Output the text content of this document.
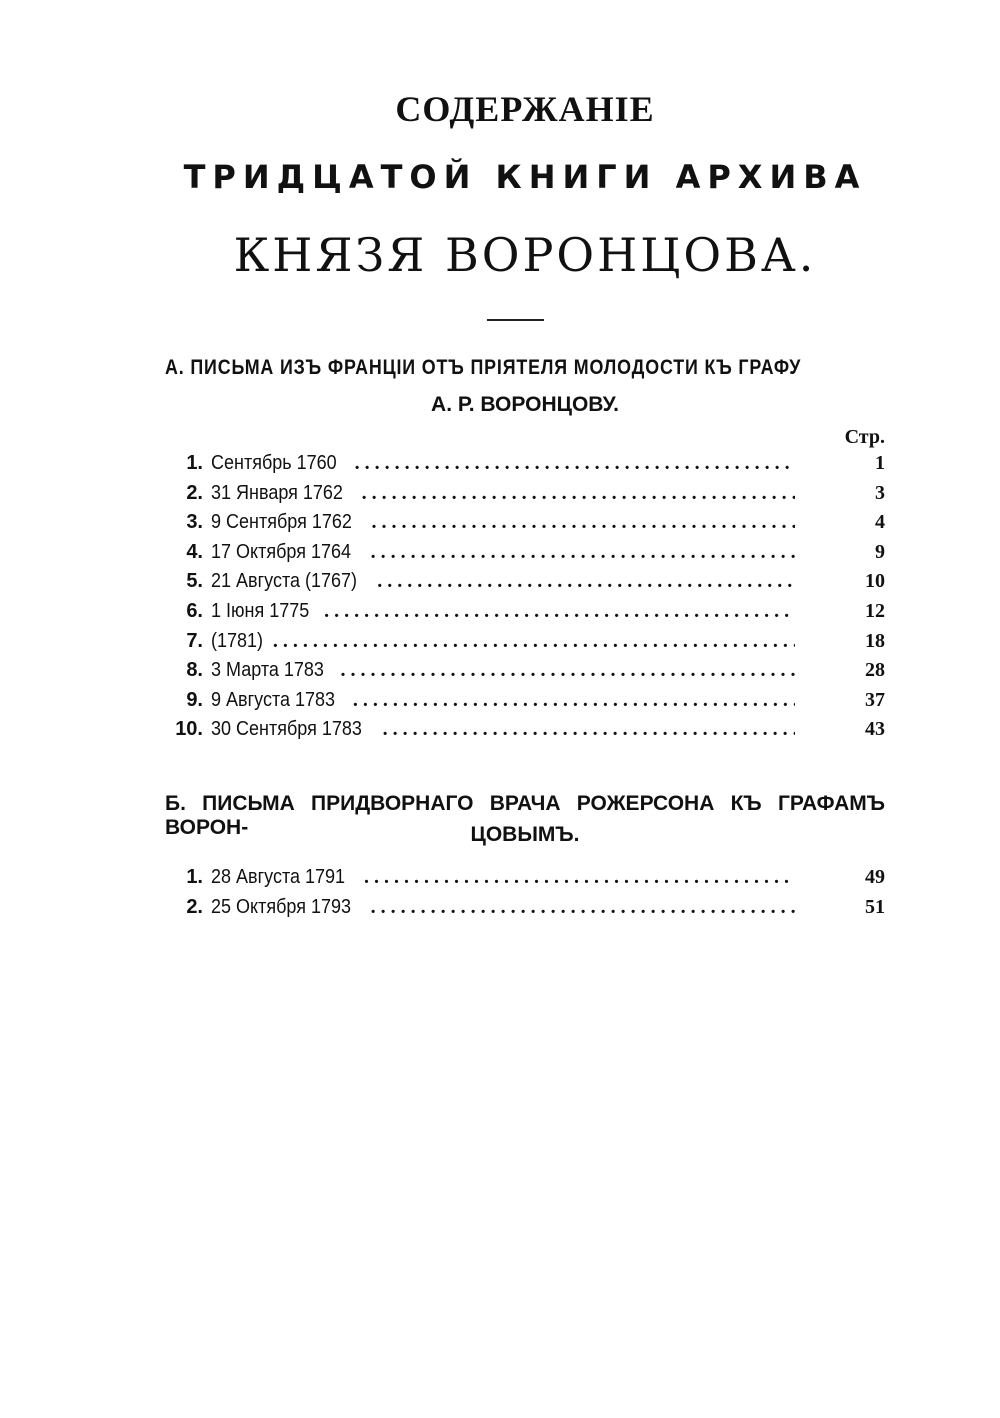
СОДЕРЖАНІЕ
ТРИДЦАТОЙ КНИГИ АРХИВА
КНЯЗЯ ВОРОНЦОВА.
А. ПИСЬМА ИЗЪ ФРАНЦІИ ОТЪ ПРІЯТЕЛЯ МОЛОДОСТИ КЪ ГРАФУ
А. Р. ВОРОНЦОВУ.
Стр.
1. Сентябрь 1760 .....	1
2. 31 Января 1762 .....	3
3. 9 Сентября 1762 .....	4
4. 17 Октября 1764 .....	9
5. 21 Августа (1767) .....	10
6. 1 Іюня 1775 .....	12
7. (1781) .....	18
8. 3 Марта 1783 .....	28
9. 9 Августа 1783 .....	37
10. 30 Сентября 1783 .....	43
Б. ПИСЬМА ПРИДВОРНАГО ВРАЧА РОЖЕРСОНА КЪ ГРАФАМЪ ВОРОН-	ЦОВЫМЪ.
1. 28 Августа 1791 .....	49
2. 25 Октября 1793 .....	51
